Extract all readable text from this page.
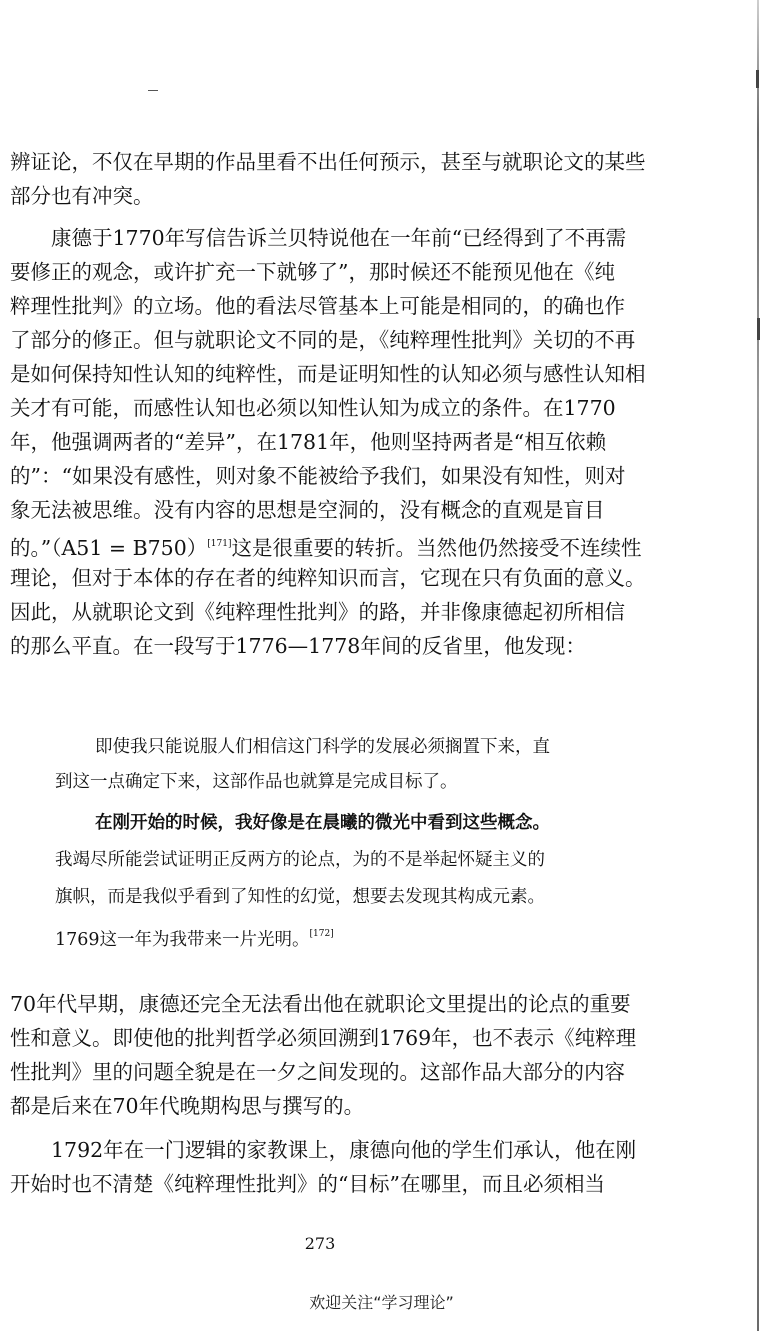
辨证论，不仅在早期的作品里看不出任何预示，甚至与就职论文的某些
部分也有冲突。
康德于1770年写信告诉兰贝特说他在一年前“已经得到了不再需
要修正的观念，或许扩充一下就够了”，那时候还不能预见他在《纯
粹理性批判》的立场。他的看法尽管基本上可能是相同的，的确也作
了部分的修正。但与就职论文不同的是，《纯粹理性批判》关切的不再
是如何保持知性认知的纯粹性，而是证明知性的认知必须与感性认知相
关才有可能，而感性认知也必须以知性认知为成立的条件。在1770
年，他强调两者的“差异”，在1781年，他则坚持两者是“相互依赖
的”：“如果没有感性，则对象不能被给予我们，如果没有知性，则对
象无法被思维。没有内容的思想是空洞的，没有概念的直观是盲目
的。”（A51 = B750）[171]这是很重要的转折。当然他仍然接受不连续性
理论，但对于本体的存在者的纯粹知识而言，它现在只有负面的意义。
因此，从就职论文到《纯粹理性批判》的路，并非像康德起初所相信
的那么平直。在一段写于1776—1778年间的反省里，他发现：
即使我只能说服人们相信这门科学的发展必须搁置下来，直
到这一点确定下来，这部作品也就算是完成目标了。
在刚开始的时候，我好像是在晨曦的微光中看到这些概念。
我竭尽所能尝试证明正反两方的论点，为的不是举起怀疑主义的
旗帜，而是我似乎看到了知性的幻觉，想要去发现其构成元素。
1769这一年为我带来一片光明。[172]
70年代早期，康德还完全无法看出他在就职论文里提出的论点的重要
性和意义。即使他的批判哲学必须回溯到1769年，也不表示《纯粹理
性批判》里的问题全貌是在一夕之间发现的。这部作品大部分的内容
都是后来在70年代晚期构思与撰写的。
1792年在一门逻辑的家教课上，康德向他的学生们承认，他在刚
开始时也不清楚《纯粹理性批判》的“目标”在哪里，而且必须相当
273
欢迎关注“学习理论”
